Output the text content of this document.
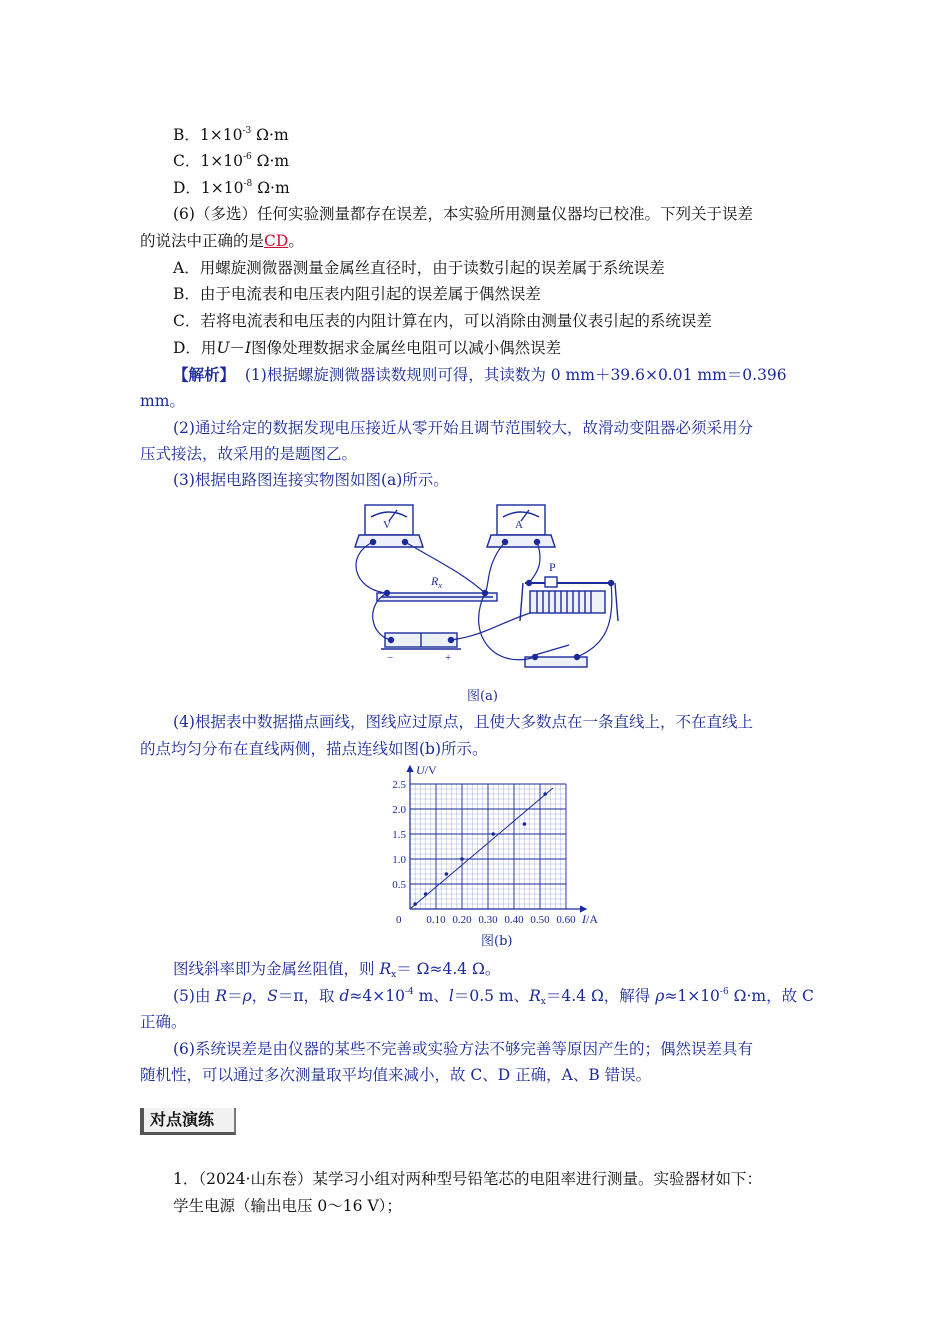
B．$1\times 10^{-3}$ Ω·m
C．$1\times 10^{-6}$ Ω·m
D．$1\times 10^{-8}$ Ω·m
(6)（多选）任何实验测量都存在误差，本实验所用测量仪器均已校准。下列关于误差
的说法中正确的是CD。
A．用螺旋测微器测量金属丝直径时，由于读数引起的误差属于系统误差
B．由于电流表和电压表内阻引起的误差属于偶然误差
C．若将电流表和电压表的内阻计算在内，可以消除由测量仪表引起的系统误差
D．用U－I图像处理数据求金属丝电阻可以减小偶然误差
【解析】 (1)根据螺旋测微器读数规则可得，其读数为 0 mm＋39.6×0.01 mm＝0.396
mm。
(2)通过给定的数据发现电压接近从零开始且调节范围较大，故滑动变阻器必须采用分
压式接法，故采用的是题图乙。
(3)根据电路图连接实物图如图(a)所示。
V	A
$R_x$
P
−	+
图(a)
(4)根据表中数据描点画线，图线应过原点，且使大多数点在一条直线上，不在直线上
的点均匀分布在直线两侧，描点连线如图(b)所示。
0.10 0.20 0.30 0.40 0.50 0.60
0.5
1.0
1.5
2.0
2.5
0	I/A
U/V
图(b)
图线斜率即为金属丝阻值，则 $R_x= \Omega\approx 4.4$ Ω。
(5)由 R＝ρ，S＝π，取 $d\approx 4\times 10^{-4}$ m、l＝0.5 m、$R_x=4.4$ Ω，解得 $\rho\approx 1\times 10^{-6}$ Ω·m，故 C
正确。
(6)系统误差是由仪器的某些不完善或实验方法不够完善等原因产生的；偶然误差具有
随机性，可以通过多次测量取平均值来减小，故 C、D 正确，A、B 错误。
对点演练
1．（2024·山东卷）某学习小组对两种型号铅笔芯的电阻率进行测量。实验器材如下：
学生电源（输出电压 0～16 V）；
